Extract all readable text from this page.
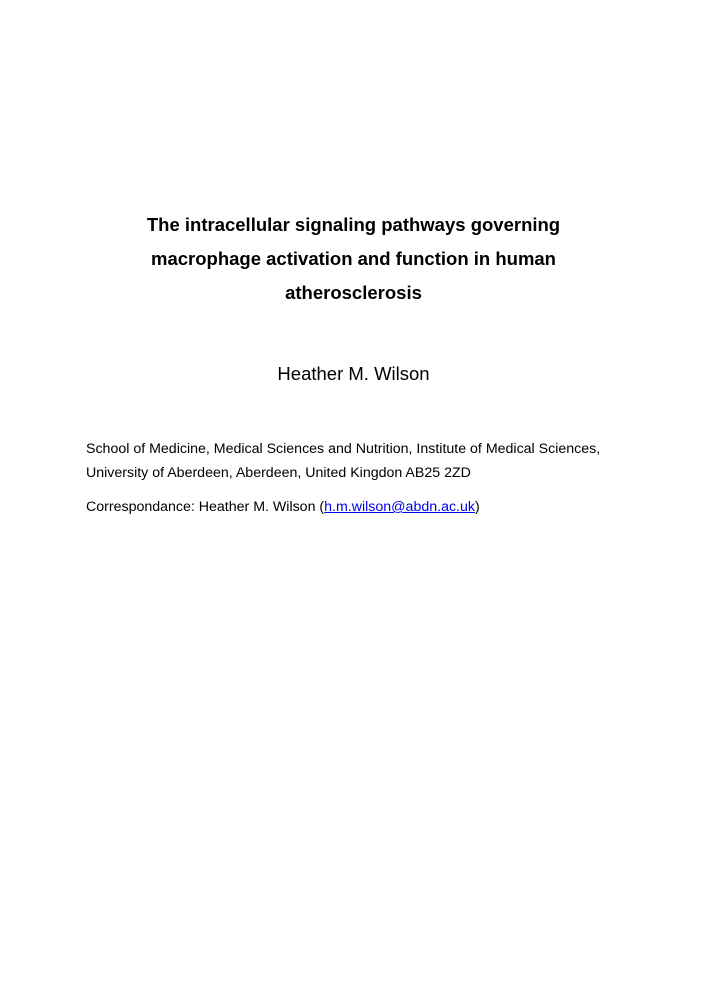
The intracellular signaling pathways governing
macrophage activation and function in human
atherosclerosis
Heather M. Wilson
School of Medicine, Medical Sciences and Nutrition, Institute of Medical Sciences,
University of Aberdeen, Aberdeen, United Kingdon AB25 2ZD
Correspondance: Heather M. Wilson (h.m.wilson@abdn.ac.uk)
